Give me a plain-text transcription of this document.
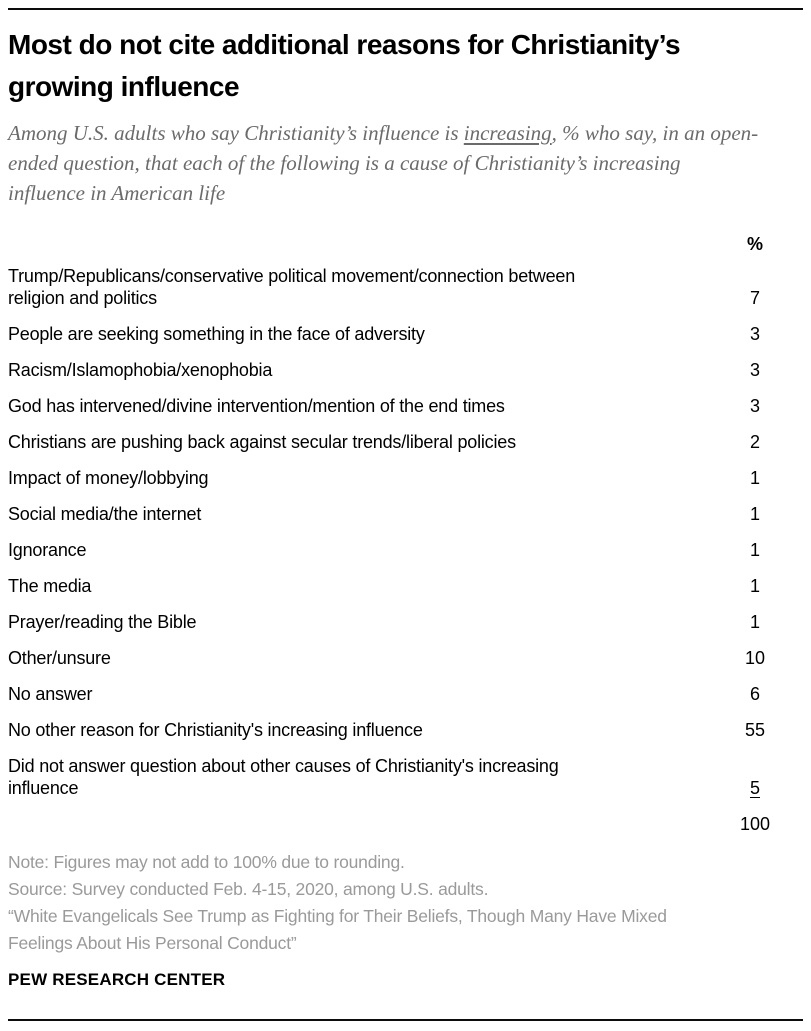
Most do not cite additional reasons for Christianity’s growing influence

Among U.S. adults who say Christianity’s influence is increasing, % who say, in an open-ended question, that each of the following is a cause of Christianity’s increasing influence in American life

%
Trump/Republicans/conservative political movement/connection between religion and politics	7
People are seeking something in the face of adversity	3
Racism/Islamophobia/xenophobia	3
God has intervened/divine intervention/mention of the end times	3
Christians are pushing back against secular trends/liberal policies	2
Impact of money/lobbying	1
Social media/the internet	1
Ignorance	1
The media	1
Prayer/reading the Bible	1
Other/unsure	10
No answer	6
No other reason for Christianity's increasing influence	55
Did not answer question about other causes of Christianity's increasing influence	5
100

Note: Figures may not add to 100% due to rounding.

Source: Survey conducted Feb. 4-15, 2020, among U.S. adults.

“White Evangelicals See Trump as Fighting for Their Beliefs, Though Many Have Mixed Feelings About His Personal Conduct”

PEW RESEARCH CENTER
